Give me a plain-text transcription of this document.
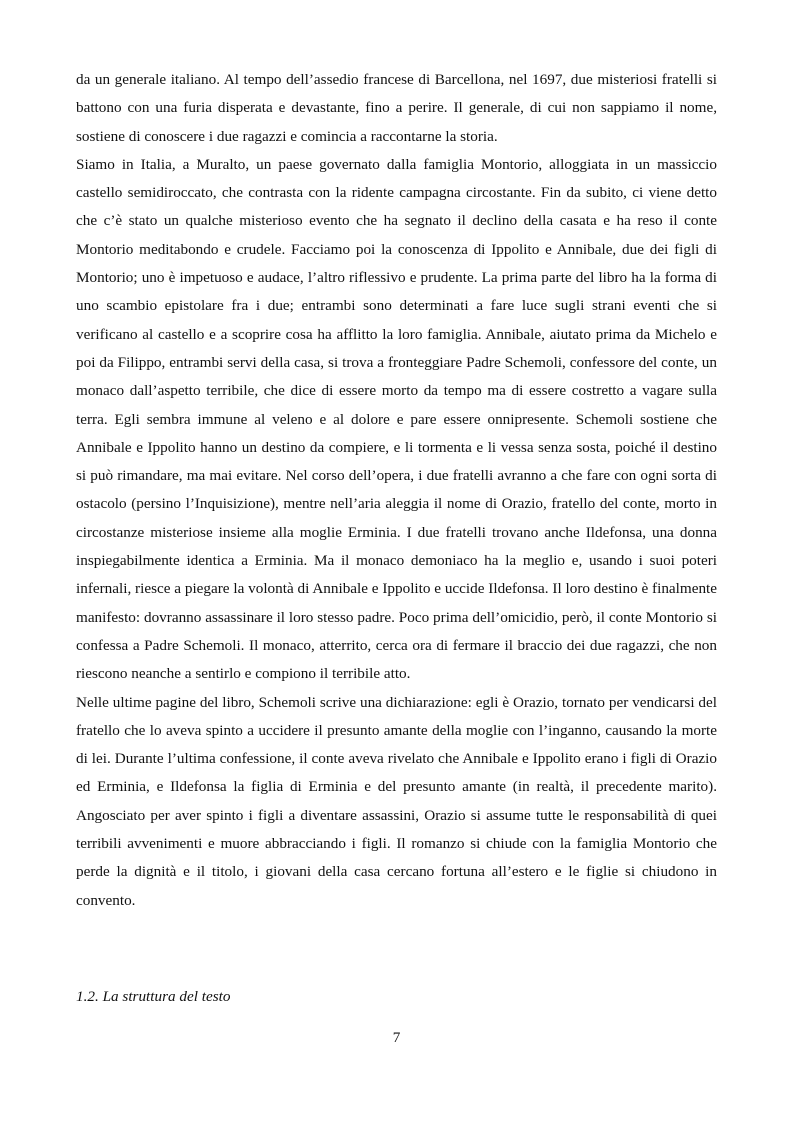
da un generale italiano. Al tempo dell’assedio francese di Barcellona, nel 1697, due misteriosi fratelli si battono con una furia disperata e devastante, fino a perire. Il generale, di cui non sappiamo il nome, sostiene di conoscere i due ragazzi e comincia a raccontarne la storia.

Siamo in Italia, a Muralto, un paese governato dalla famiglia Montorio, alloggiata in un massiccio castello semidiroccato, che contrasta con la ridente campagna circostante. Fin da subito, ci viene detto che c’è stato un qualche misterioso evento che ha segnato il declino della casata e ha reso il conte Montorio meditabondo e crudele. Facciamo poi la conoscenza di Ippolito e Annibale, due dei figli di Montorio; uno è impetuoso e audace, l’altro riflessivo e prudente. La prima parte del libro ha la forma di uno scambio epistolare fra i due; entrambi sono determinati a fare luce sugli strani eventi che si verificano al castello e a scoprire cosa ha afflitto la loro famiglia. Annibale, aiutato prima da Michelo e poi da Filippo, entrambi servi della casa, si trova a fronteggiare Padre Schemoli, confessore del conte, un monaco dall’aspetto terribile, che dice di essere morto da tempo ma di essere costretto a vagare sulla terra. Egli sembra immune al veleno e al dolore e pare essere onnipresente. Schemoli sostiene che Annibale e Ippolito hanno un destino da compiere, e li tormenta e li vessa senza sosta, poiché il destino si può rimandare, ma mai evitare. Nel corso dell’opera, i due fratelli avranno a che fare con ogni sorta di ostacolo (persino l’Inquisizione), mentre nell’aria aleggia il nome di Orazio, fratello del conte, morto in circostanze misteriose insieme alla moglie Erminia. I due fratelli trovano anche Ildefonsa, una donna inspiegabilmente identica a Erminia. Ma il monaco demoniaco ha la meglio e, usando i suoi poteri infernali, riesce a piegare la volontà di Annibale e Ippolito e uccide Ildefonsa. Il loro destino è finalmente manifesto: dovranno assassinare il loro stesso padre. Poco prima dell’omicidio, però, il conte Montorio si confessa a Padre Schemoli. Il monaco, atterrito, cerca ora di fermare il braccio dei due ragazzi, che non riescono neanche a sentirlo e compiono il terribile atto.

Nelle ultime pagine del libro, Schemoli scrive una dichiarazione: egli è Orazio, tornato per vendicarsi del fratello che lo aveva spinto a uccidere il presunto amante della moglie con l’inganno, causando la morte di lei. Durante l’ultima confessione, il conte aveva rivelato che Annibale e Ippolito erano i figli di Orazio ed Erminia, e Ildefonsa la figlia di Erminia e del presunto amante (in realtà, il precedente marito). Angosciato per aver spinto i figli a diventare assassini, Orazio si assume tutte le responsabilità di quei terribili avvenimenti e muore abbracciando i figli. Il romanzo si chiude con la famiglia Montorio che perde la dignità e il titolo, i giovani della casa cercano fortuna all’estero e le figlie si chiudono in convento.

1.2. La struttura del testo
7
